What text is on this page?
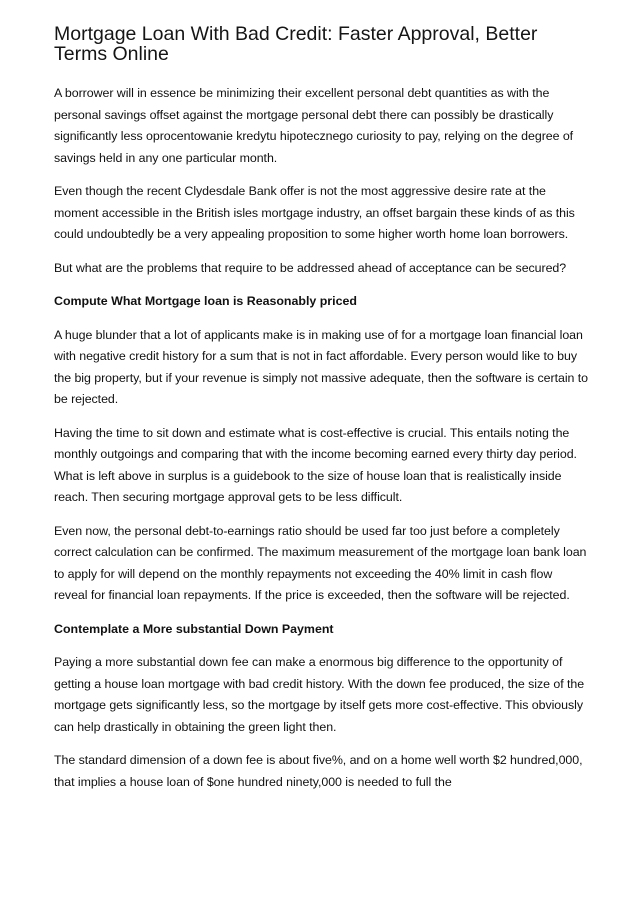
Mortgage Loan With Bad Credit: Faster Approval, Better Terms Online

A borrower will in essence be minimizing their excellent personal debt quantities as with the personal savings offset against the mortgage personal debt there can possibly be drastically significantly less oprocentowanie kredytu hipotecznego curiosity to pay, relying on the degree of savings held in any one particular month.

Even though the recent Clydesdale Bank offer is not the most aggressive desire rate at the moment accessible in the British isles mortgage industry, an offset bargain these kinds of as this could undoubtedly be a very appealing proposition to some higher worth home loan borrowers.

But what are the problems that require to be addressed ahead of acceptance can be secured?

Compute What Mortgage loan is Reasonably priced

A huge blunder that a lot of applicants make is in making use of for a mortgage loan financial loan with negative credit history for a sum that is not in fact affordable. Every person would like to buy the big property, but if your revenue is simply not massive adequate, then the software is certain to be rejected.

Having the time to sit down and estimate what is cost-effective is crucial. This entails noting the monthly outgoings and comparing that with the income becoming earned every thirty day period. What is left above in surplus is a guidebook to the size of house loan that is realistically inside reach. Then securing mortgage approval gets to be less difficult.

Even now, the personal debt-to-earnings ratio should be used far too just before a completely correct calculation can be confirmed. The maximum measurement of the mortgage loan bank loan to apply for will depend on the monthly repayments not exceeding the 40% limit in cash flow reveal for financial loan repayments. If the price is exceeded, then the software will be rejected.

Contemplate a More substantial Down Payment

Paying a more substantial down fee can make a enormous big difference to the opportunity of getting a house loan mortgage with bad credit history. With the down fee produced, the size of the mortgage gets significantly less, so the mortgage by itself gets more cost-effective. This obviously can help drastically in obtaining the green light then.

The standard dimension of a down fee is about five%, and on a home well worth $2 hundred,000, that implies a house loan of $one hundred ninety,000 is needed to full the
